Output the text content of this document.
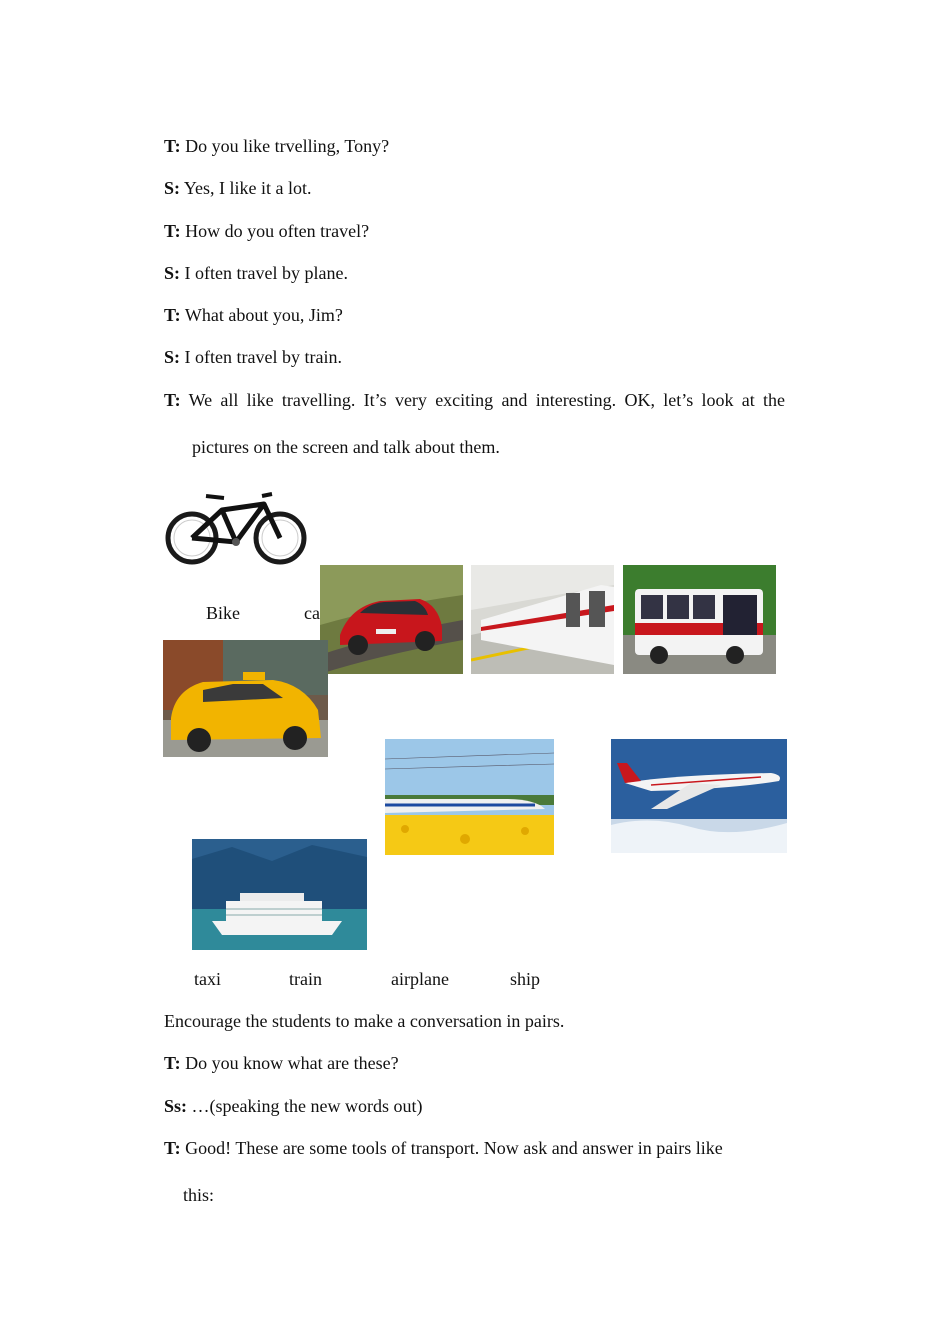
T: Do you like trvelling, Tony?
S: Yes, I like it a lot.
T: How do you often travel?
S: I often travel by plane.
T: What about you, Jim?
S: I often travel by train.
T: We all like travelling. It’s very exciting and interesting. OK, let’s look at the
pictures on the screen and talk about them.
Bike	ca
taxi	train	airplane	ship
Encourage the students to make a conversation in pairs.
T: Do you know what are these?
Ss: …(speaking the new words out)
T: Good! These are some tools of transport. Now ask and answer in pairs like
this:
